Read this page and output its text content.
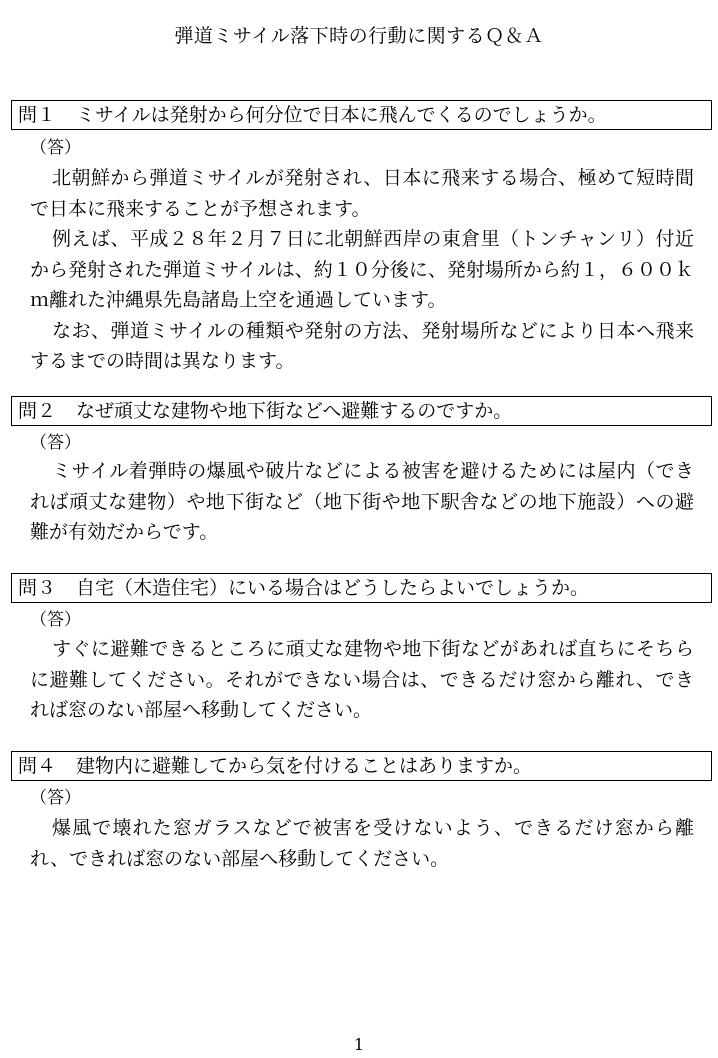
弾道ミサイル落下時の行動に関するＱ＆Ａ
問１ ミサイルは発射から何分位で日本に飛んでくるのでしょうか。
（答）

北朝鮮から弾道ミサイルが発射され、日本に飛来する場合、極めて短時間で日本に飛来することが予想されます。

例えば、平成２８年２月７日に北朝鮮西岸の東倉里（トンチャンリ）付近から発射された弾道ミサイルは、約１０分後に、発射場所から約１，６００ｋｍ離れた沖縄県先島諸島上空を通過しています。

なお、弾道ミサイルの種類や発射の方法、発射場所などにより日本へ飛来するまでの時間は異なります。

問２ なぜ頑丈な建物や地下街などへ避難するのですか。
（答）

ミサイル着弾時の爆風や破片などによる被害を避けるためには屋内（できれば頑丈な建物）や地下街など（地下街や地下駅舎などの地下施設）への避難が有効だからです。

問３ 自宅（木造住宅）にいる場合はどうしたらよいでしょうか。
（答）

すぐに避難できるところに頑丈な建物や地下街などがあれば直ちにそちらに避難してください。それができない場合は、できるだけ窓から離れ、できれば窓のない部屋へ移動してください。

問４ 建物内に避難してから気を付けることはありますか。
（答）

爆風で壊れた窓ガラスなどで被害を受けないよう、できるだけ窓から離れ、できれば窓のない部屋へ移動してください。

1
